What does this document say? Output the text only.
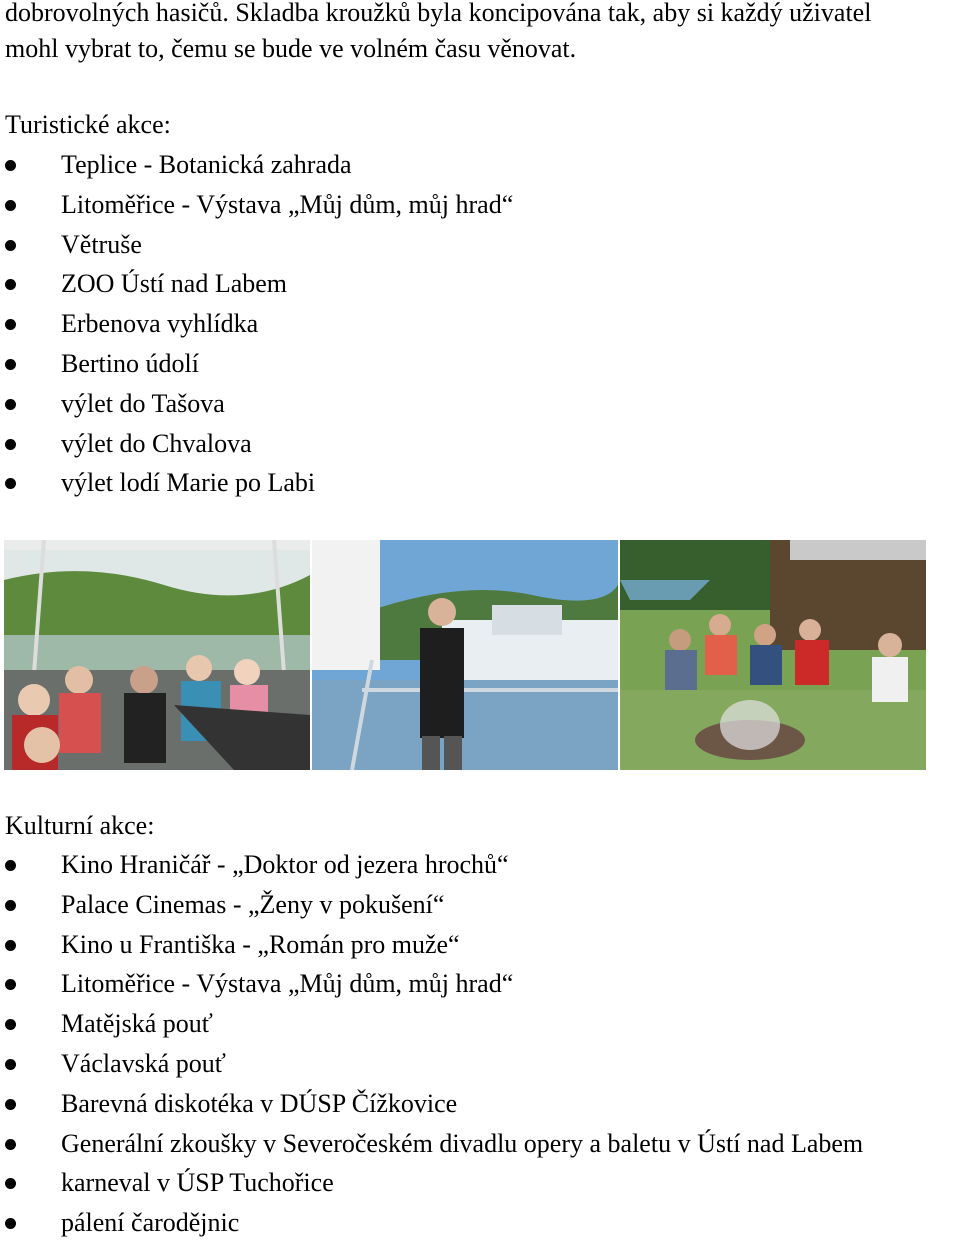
dobrovolných hasičů. Skladba kroužků byla koncipována tak, aby si každý uživatel
mohl vybrat to, čemu se bude ve volném času věnovat.
Turistické akce:
Teplice - Botanická zahrada
Litoměřice - Výstava „Můj dům, můj hrad“
Větruše
ZOO Ústí nad Labem
Erbenova vyhlídka
Bertino údolí
výlet do Tašova
výlet do Chvalova
výlet lodí Marie po Labi
Kulturní akce:
Kino Hraničář - „Doktor od jezera hrochů“
Palace Cinemas - „Ženy v pokušení“
Kino u Františka - „Román pro muže“
Litoměřice - Výstava „Můj dům, můj hrad“
Matějská pouť
Václavská pouť
Barevná diskotéka v DÚSP Čížkovice
Generální zkoušky v Severočeském divadlu opery a baletu v Ústí nad Labem
karneval v ÚSP Tuchořice
pálení čarodějnic
